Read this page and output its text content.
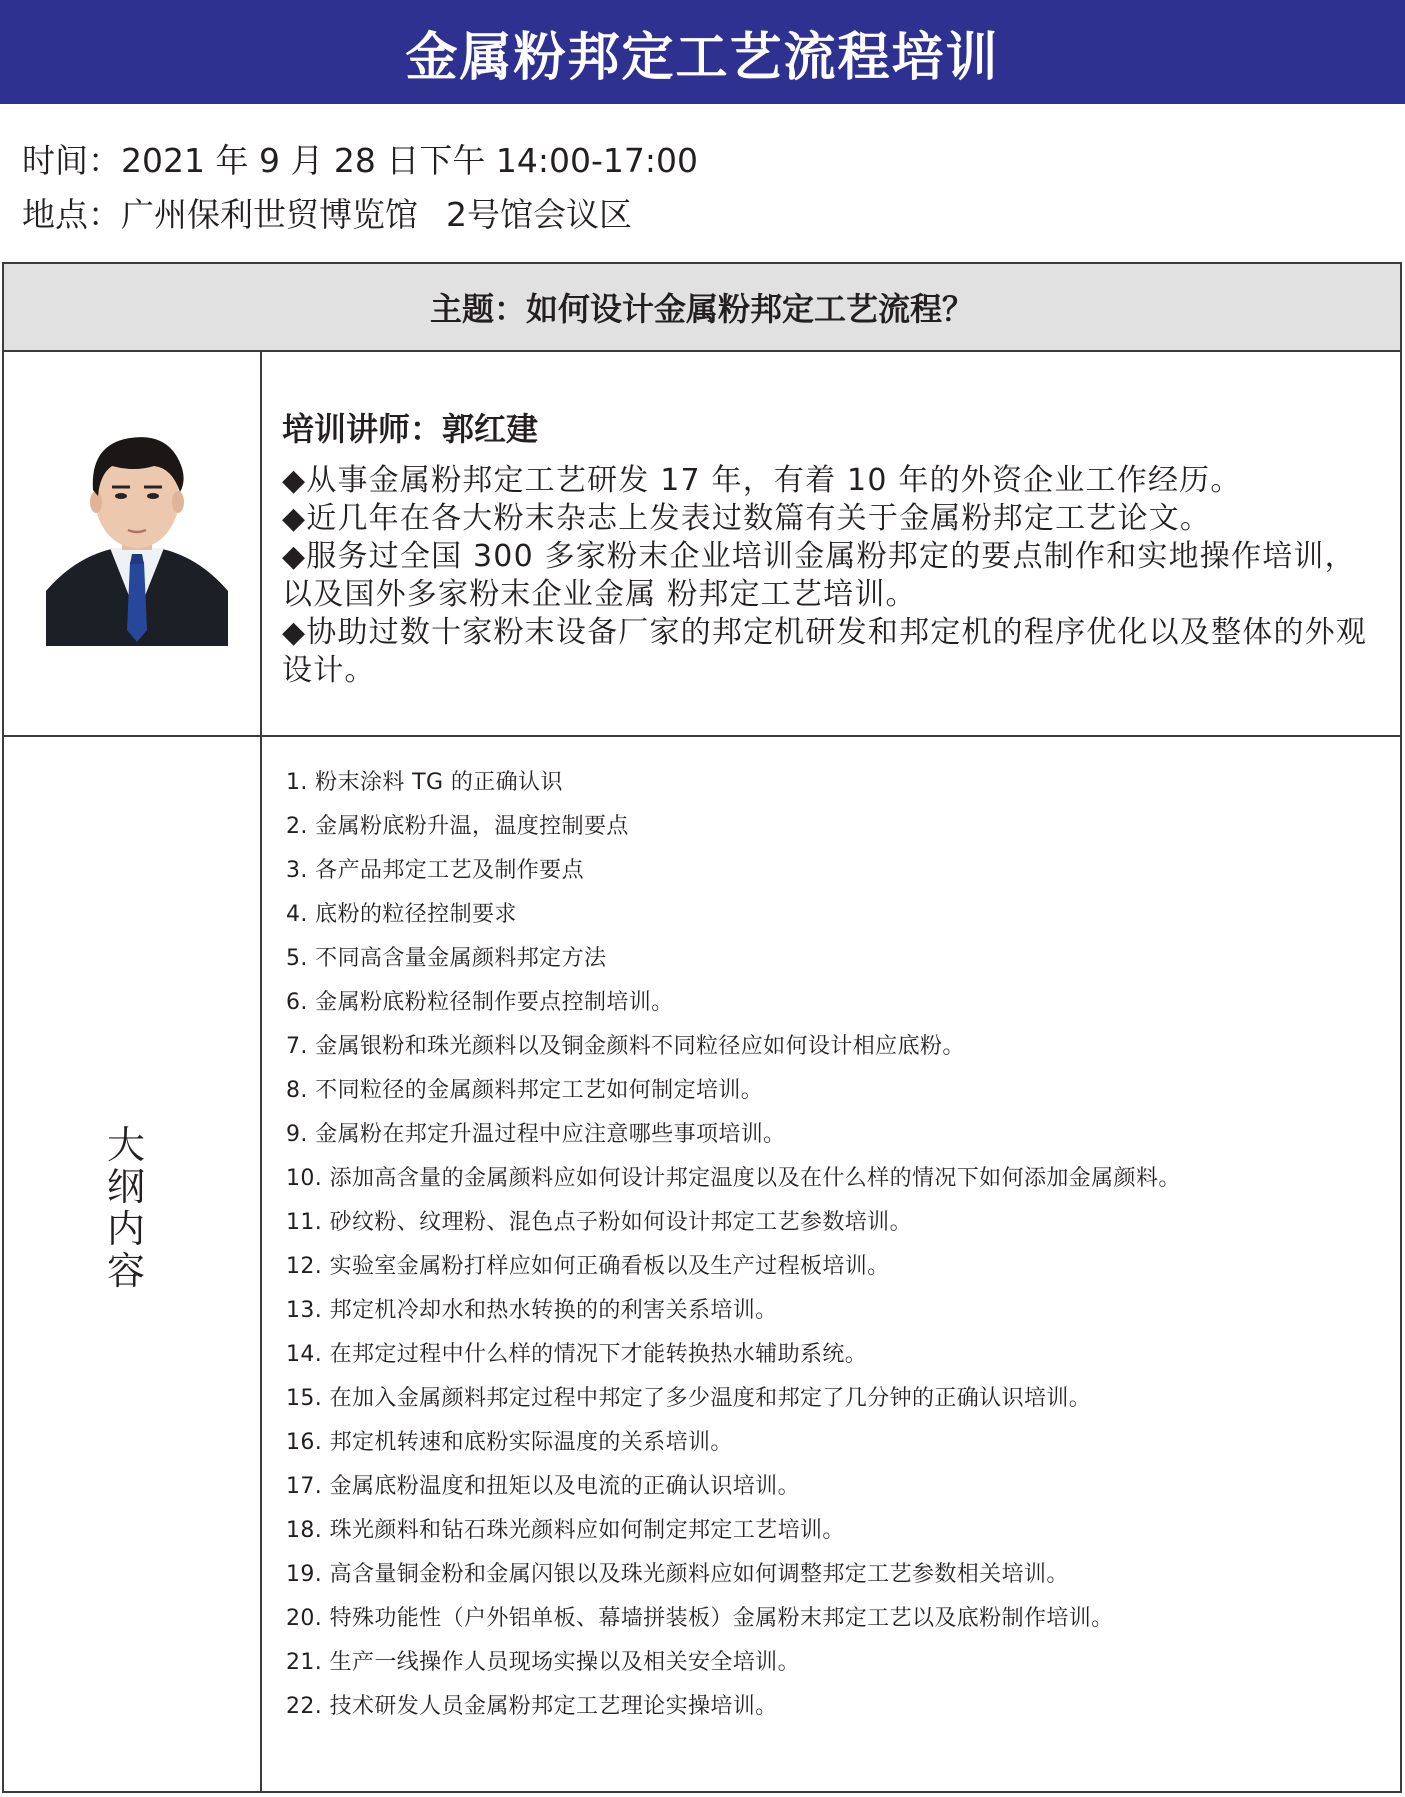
金属粉邦定工艺流程培训
时间：2021 年 9 月 28 日下午 14:00-17:00
地点：广州保利世贸博览馆 2号馆会议区
主题：如何设计金属粉邦定工艺流程？
培训讲师：郭红建
◆从事金属粉邦定工艺研发 17 年，有着 10 年的外资企业工作经历。
◆近几年在各大粉末杂志上发表过数篇有关于金属粉邦定工艺论文。
◆服务过全国 300 多家粉末企业培训金属粉邦定的要点制作和实地操作培训， 以及国外多家粉末企业金属 粉邦定工艺培训。
◆协助过数十家粉末设备厂家的邦定机研发和邦定机的程序优化以及整体的外观设计。
大
纲
内
容
1. 粉末涂料 TG 的正确认识
2. 金属粉底粉升温，温度控制要点
3. 各产品邦定工艺及制作要点
4. 底粉的粒径控制要求
5. 不同高含量金属颜料邦定方法
6. 金属粉底粉粒径制作要点控制培训。
7. 金属银粉和珠光颜料以及铜金颜料不同粒径应如何设计相应底粉。
8. 不同粒径的金属颜料邦定工艺如何制定培训。
9. 金属粉在邦定升温过程中应注意哪些事项培训。
10. 添加高含量的金属颜料应如何设计邦定温度以及在什么样的情况下如何添加金属颜料。
11. 砂纹粉、纹理粉、混色点子粉如何设计邦定工艺参数培训。
12. 实验室金属粉打样应如何正确看板以及生产过程板培训。
13. 邦定机冷却水和热水转换的的利害关系培训。
14. 在邦定过程中什么样的情况下才能转换热水辅助系统。
15. 在加入金属颜料邦定过程中邦定了多少温度和邦定了几分钟的正确认识培训。
16. 邦定机转速和底粉实际温度的关系培训。
17. 金属底粉温度和扭矩以及电流的正确认识培训。
18. 珠光颜料和钻石珠光颜料应如何制定邦定工艺培训。
19. 高含量铜金粉和金属闪银以及珠光颜料应如何调整邦定工艺参数相关培训。
20. 特殊功能性（户外铝单板、幕墙拼装板）金属粉末邦定工艺以及底粉制作培训。
21. 生产一线操作人员现场实操以及相关安全培训。
22. 技术研发人员金属粉邦定工艺理论实操培训。
